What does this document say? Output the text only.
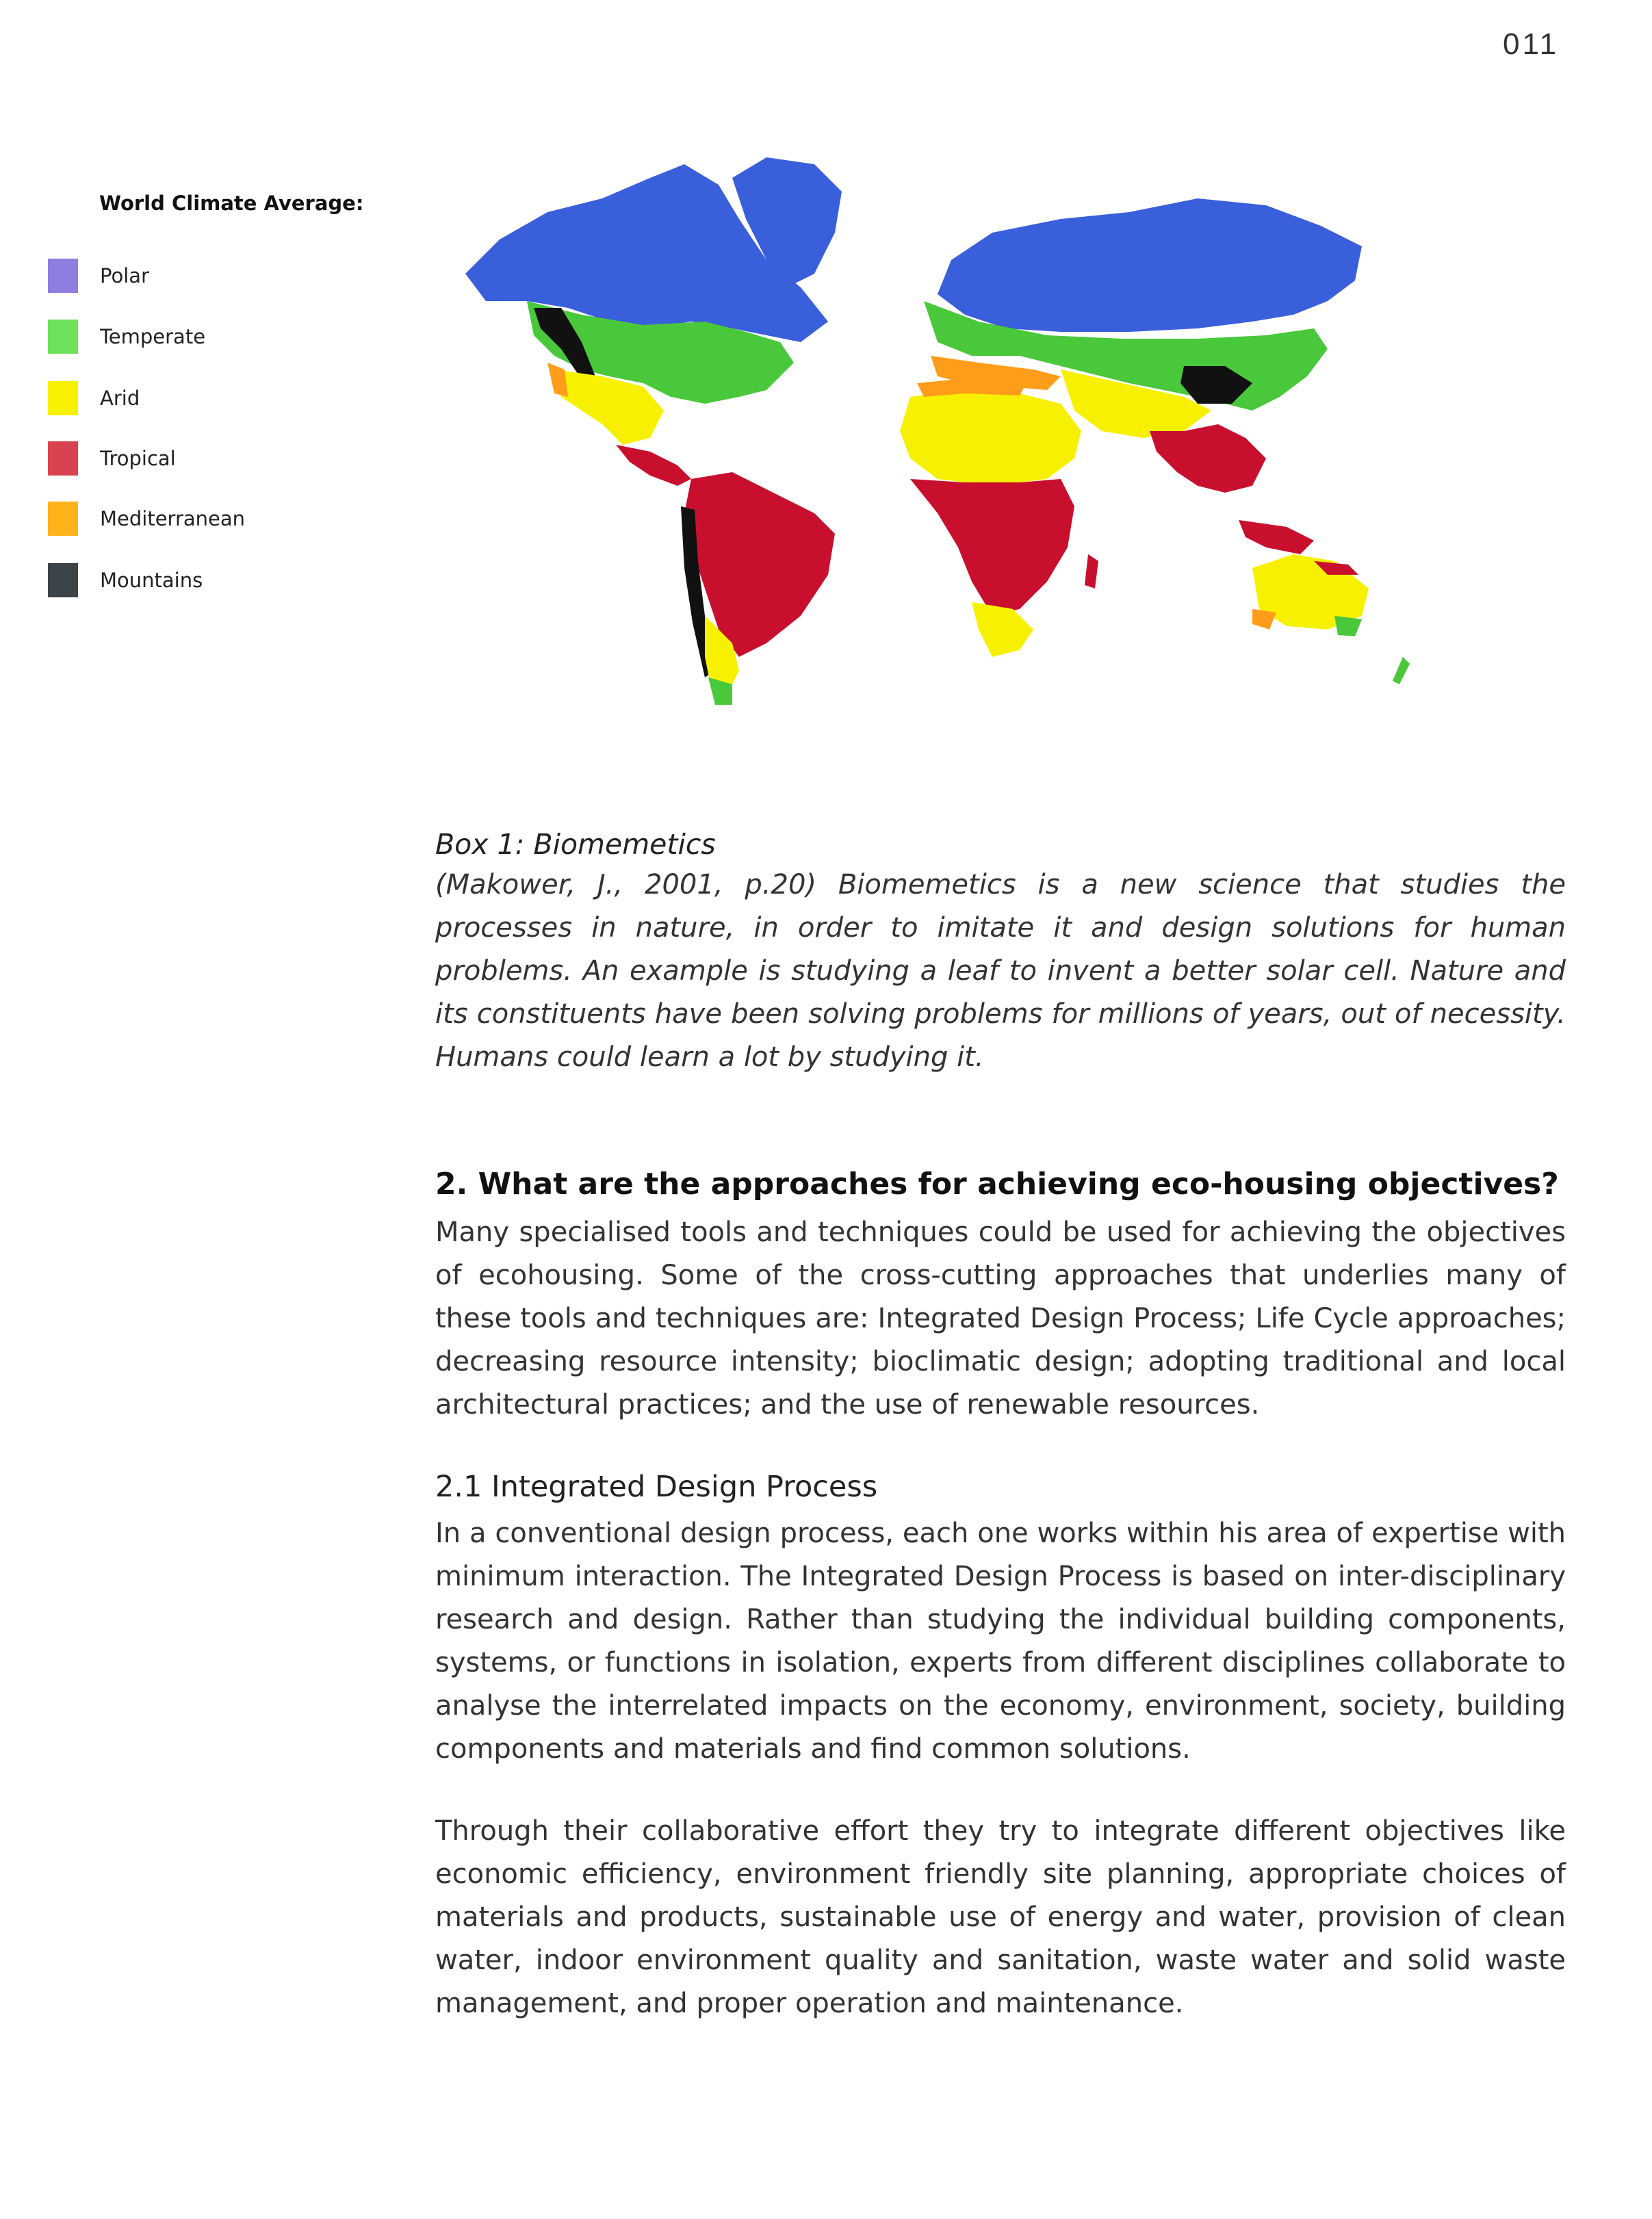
011
World Climate Average:
Polar
Temperate
Arid
Tropical
Mediterranean
Mountains
Box 1: Biomemetics
(Makower, J., 2001, p.20) Biomemetics is a new science that studies the processes in nature, in order to imitate it and design solutions for human problems. An example is studying a leaf to invent a better solar cell. Nature and its constituents have been solving problems for millions of years, out of necessity. Humans could learn a lot by studying it.
2. What are the approaches for achieving eco-housing objectives?
Many specialised tools and techniques could be used for achieving the objectives of ecohousing. Some of the cross-cutting approaches that underlies many of these tools and techniques are: Integrated Design Process; Life Cycle approaches; decreasing resource intensity; bioclimatic design; adopting traditional and local architectural practices; and the use of renewable resources.
2.1 Integrated Design Process
In a conventional design process, each one works within his area of expertise with minimum interaction. The Integrated Design Process is based on inter-disciplinary research and design. Rather than studying the individual building components, systems, or functions in isolation, experts from different disciplines collaborate to analyse the interrelated impacts on the economy, environment, society, building components and materials and find common solutions.
Through their collaborative effort they try to integrate different objectives like economic efficiency, environment friendly site planning, appropriate choices of materials and products, sustainable use of energy and water, provision of clean water, indoor environment quality and sanitation, waste water and solid waste management, and proper operation and maintenance.
